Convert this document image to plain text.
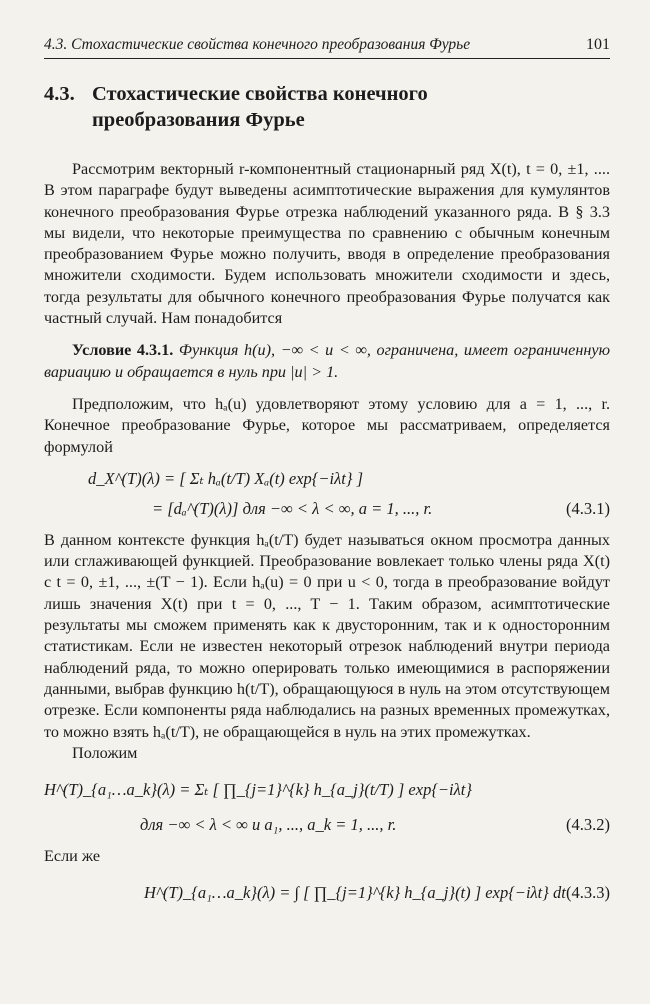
4.3. Стохастические свойства конечного преобразования Фурье	101
4.3. Стохастические свойства конечного
преобразования Фурье

Рассмотрим векторный r-компонентный стационарный ряд X(t), t = 0, ±1, .... В этом параграфе будут выведены асимптотические выражения для кумулянтов конечного преобразования Фурье отрезка наблюдений указанного ряда. В § 3.3 мы видели, что некоторые преимущества по сравнению с обычным конечным преобразованием Фурье можно получить, вводя в определение преобразования множители сходимости. Будем использовать множители сходимости и здесь, тогда результаты для обычного конечного преобразования Фурье получатся как частный случай. Нам понадобится

Условие 4.3.1. Функция h(u), −∞ < u < ∞, ограничена, имеет ограниченную вариацию и обращается в нуль при |u| > 1.

Предположим, что hₐ(u) удовлетворяют этому условию для a = 1, ..., r. Конечное преобразование Фурье, которое мы рассматриваем, определяется формулой

d_X^(T)(λ) = [ Σₜ hₐ(t/T) Xₐ(t) exp{−iλt} ]
= [dₐ^(T)(λ)] для −∞ < λ < ∞, a = 1, ..., r.	(4.3.1)

В данном контексте функция hₐ(t/T) будет называться окном просмотра данных или сглаживающей функцией. Преобразование вовлекает только члены ряда X(t) с t = 0, ±1, ..., ±(T − 1). Если hₐ(u) = 0 при u < 0, тогда в преобразование войдут лишь значения X(t) при t = 0, ..., T − 1. Таким образом, асимптотические результаты мы сможем применять как к двусторонним, так и к односторонним статистикам. Если не известен некоторый отрезок наблюдений внутри периода наблюдений ряда, то можно оперировать только имеющимися в распоряжении данными, выбрав функцию h(t/T), обращающуюся в нуль на этом отсутствующем отрезке. Если компоненты ряда наблюдались на разных временных промежутках, то можно взять hₐ(t/T), не обращающейся в нуль на этих промежутках.

Положим

H^(T)_{a₁…a_k}(λ) = Σₜ [ ∏_{j=1}^{k} h_{a_j}(t/T) ] exp{−iλt}
для −∞ < λ < ∞ и a₁, ..., a_k = 1, ..., r.	(4.3.2)

Если же

H^(T)_{a₁…a_k}(λ) = ∫ [ ∏_{j=1}^{k} h_{a_j}(t) ] exp{−iλt} dt (4.3.3)
